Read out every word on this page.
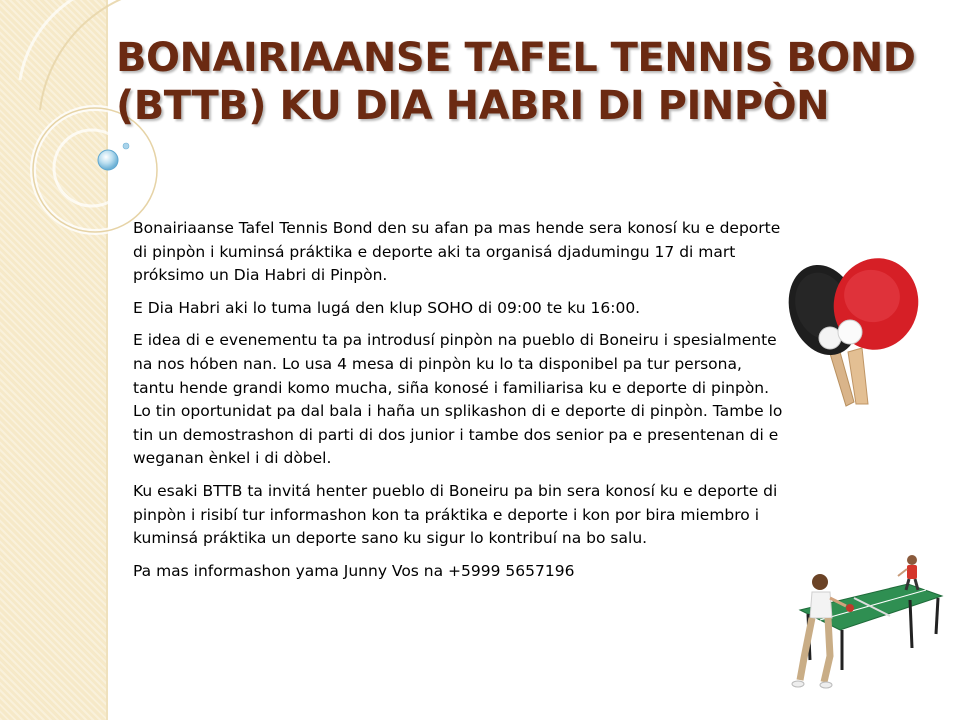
BONAIRIAANSE TAFEL TENNIS BOND (BTTB) KU DIA HABRI DI PINPÒN

Bonairiaanse Tafel Tennis Bond den su afan pa mas hende sera konosí ku e deporte di pinpòn i kuminsá práktika e deporte aki ta organisá djadumingu 17 di mart próksimo un Dia Habri di Pinpòn.

E Dia Habri aki lo tuma lugá den klup SOHO di 09:00 te ku 16:00.

E idea di e evenementu ta pa introdusí pinpòn na pueblo di Boneiru i spesialmente na nos hóben nan. Lo usa 4 mesa di pinpòn ku lo ta disponibel pa tur persona, tantu hende grandi komo mucha, siña konosé i familiarisa ku e deporte di pinpòn. Lo tin oportunidat pa dal bala i haña un splikashon di e deporte di pinpòn. Tambe lo tin un demostrashon di parti di dos junior i tambe dos senior pa e presentenan di e weganan ènkel i di dòbel.

Ku esaki BTTB ta invitá henter pueblo di Boneiru pa bin sera konosí ku e deporte di pinpòn i risibí tur informashon kon ta práktika e deporte i kon por bira miembro i kuminsá práktika un deporte sano ku sigur lo kontribuí na bo salu.

Pa mas informashon yama Junny Vos na +5999 5657196
